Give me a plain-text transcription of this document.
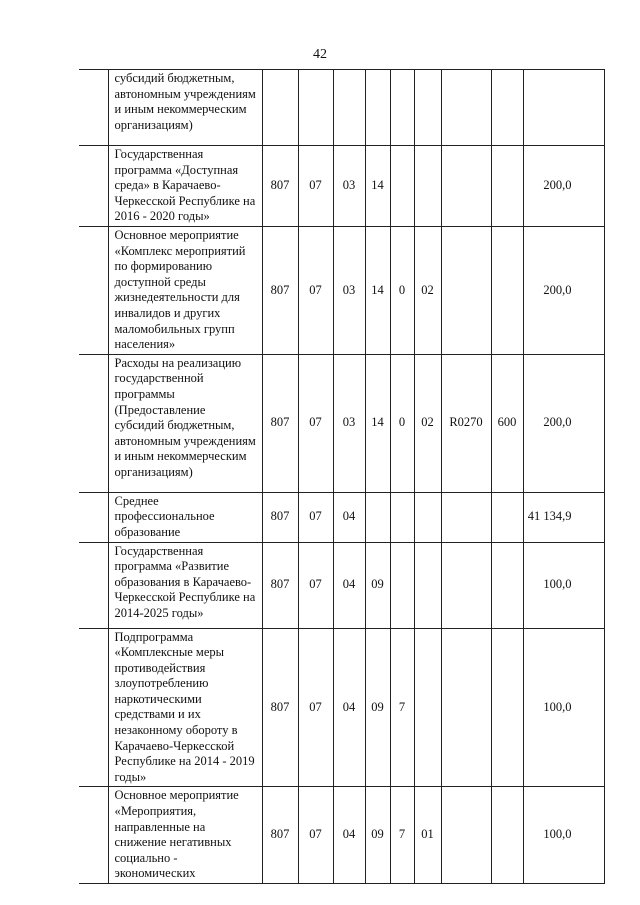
42
	субсидий бюджетным, автономным учреждениям и иным некоммерческим организациям)									
	Государственная программа «Доступная среда» в Карачаево-Черкесской Республике на 2016 - 2020 годы»	807	07	03	14					200,0
	Основное мероприятие «Комплекс мероприятий по формированию доступной среды жизнедеятельности для инвалидов и других маломобильных групп населения»	807	07	03	14	0	02			200,0
	Расходы на реализацию государственной программы (Предоставление субсидий бюджетным, автономным учреждениям и иным некоммерческим организациям)	807	07	03	14	0	02	R0270	600	200,0
	Среднее профессиональное образование	807	07	04						41 134,9
	Государственная программа «Развитие образования в Карачаево-Черкесской Республике на 2014-2025 годы»	807	07	04	09					100,0
	Подпрограмма «Комплексные меры противодействия злоупотреблению наркотическими средствами и их незаконному обороту в Карачаево-Черкесской Республике на 2014 - 2019 годы»	807	07	04	09	7				100,0
	Основное мероприятие «Мероприятия, направленные на снижение негативных социально - экономических	807	07	04	09	7	01			100,0
